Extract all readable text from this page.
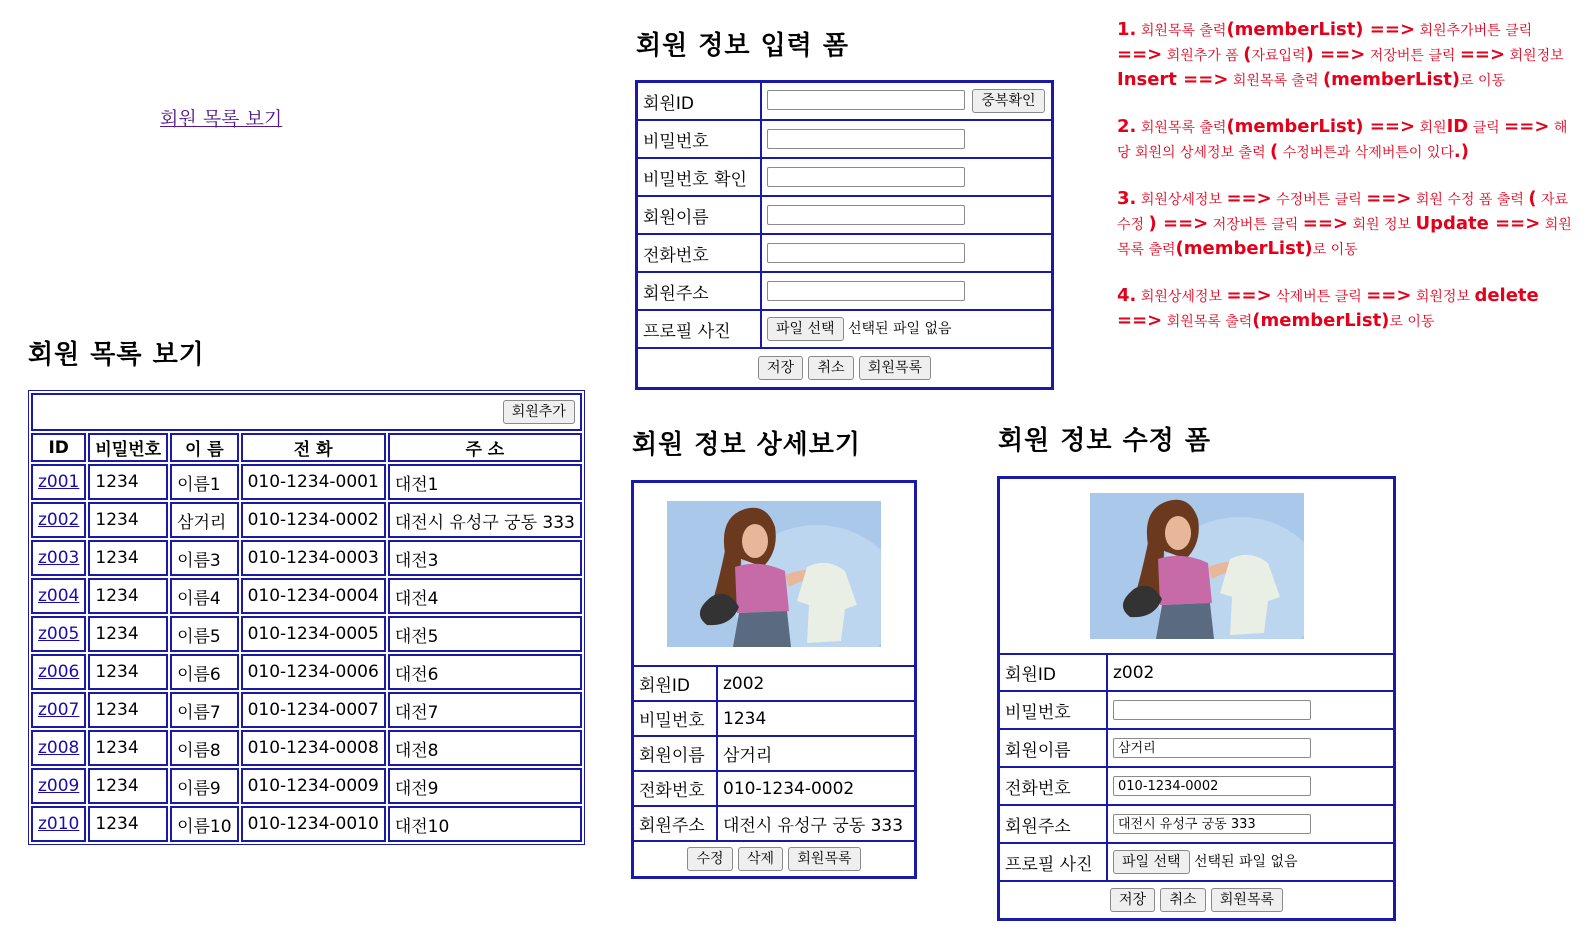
회원 목록 보기
회원 목록 보기
회원추가				
ID	비밀번호	이 름	전 화	주 소
z001	1234	이름1	010-1234-0001	대전1
z002	1234	삼거리	010-1234-0002	대전시 유성구 궁동 333
z003	1234	이름3	010-1234-0003	대전3
z004	1234	이름4	010-1234-0004	대전4
z005	1234	이름5	010-1234-0005	대전5
z006	1234	이름6	010-1234-0006	대전6
z007	1234	이름7	010-1234-0007	대전7
z008	1234	이름8	010-1234-0008	대전8
z009	1234	이름9	010-1234-0009	대전9
z010	1234	이름10	010-1234-0010	대전10
회원 정보 입력 폼
회원ID	중복확인
비밀번호	
비밀번호 확인	
회원이름	
전화번호	
회원주소	
프로필 사진	파일 선택 선택된 파일 없음
저장 취소 회원목록	
회원 정보 상세보기

회원ID	z002
비밀번호	1234
회원이름	삼거리
전화번호	010-1234-0002
회원주소	대전시 유성구 궁동 333
수정 삭제 회원목록	
회원 정보 수정 폼

회원ID	z002
비밀번호	
회원이름	삼거리
전화번호	010-1234-0002
회원주소	대전시 유성구 궁동 333
프로필 사진	파일 선택 선택된 파일 없음
저장 취소 회원목록	

1. 회원목록 출력(memberList) ==> 회원추가버튼 클릭 ==> 회원추가 폼 (자료입력) ==> 저장버튼 클릭 ==> 회원정보 Insert ==> 회원목록 출력 (memberList)로 이동

2. 회원목록 출력(memberList) ==> 회원ID 클릭 ==> 해당 회원의 상세정보 출력 ( 수정버튼과 삭제버튼이 있다.)

3. 회원상세정보 ==> 수정버튼 클릭 ==> 회원 수정 폼 출력 ( 자료 수정 ) ==> 저장버튼 클릭 ==> 회원 정보 Update ==> 회원목록 출력(memberList)로 이동

4. 회원상세정보 ==> 삭제버튼 클릭 ==> 회원정보 delete ==> 회원목록 출력(memberList)로 이동
